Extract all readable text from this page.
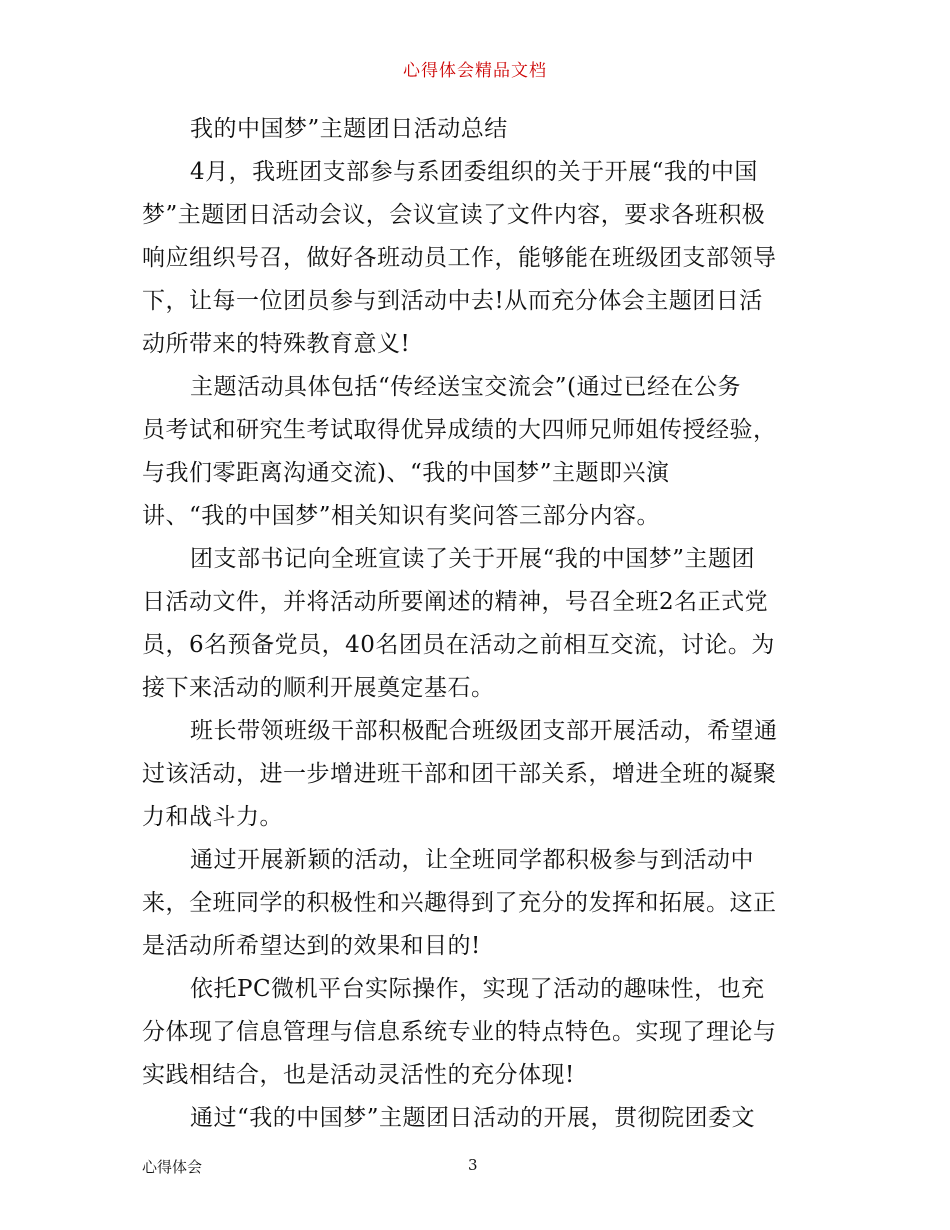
心得体会精品文档
我的中国梦”主题团日活动总结
4月，我班团支部参与系团委组织的关于开展“我的中国
梦”主题团日活动会议，会议宣读了文件内容，要求各班积极
响应组织号召，做好各班动员工作，能够能在班级团支部领导
下，让每一位团员参与到活动中去!从而充分体会主题团日活
动所带来的特殊教育意义!
主题活动具体包括“传经送宝交流会”(通过已经在公务
员考试和研究生考试取得优异成绩的大四师兄师姐传授经验，
与我们零距离沟通交流)、“我的中国梦”主题即兴演
讲、“我的中国梦”相关知识有奖问答三部分内容。
团支部书记向全班宣读了关于开展“我的中国梦”主题团
日活动文件，并将活动所要阐述的精神，号召全班2名正式党
员，6名预备党员，40名团员在活动之前相互交流，讨论。为
接下来活动的顺利开展奠定基石。
班长带领班级干部积极配合班级团支部开展活动，希望通
过该活动，进一步增进班干部和团干部关系，增进全班的凝聚
力和战斗力。
通过开展新颖的活动，让全班同学都积极参与到活动中
来，全班同学的积极性和兴趣得到了充分的发挥和拓展。这正
是活动所希望达到的效果和目的!
依托PC微机平台实际操作，实现了活动的趣味性，也充
分体现了信息管理与信息系统专业的特点特色。实现了理论与
实践相结合，也是活动灵活性的充分体现!
通过“我的中国梦”主题团日活动的开展，贯彻院团委文
心得体会	3
